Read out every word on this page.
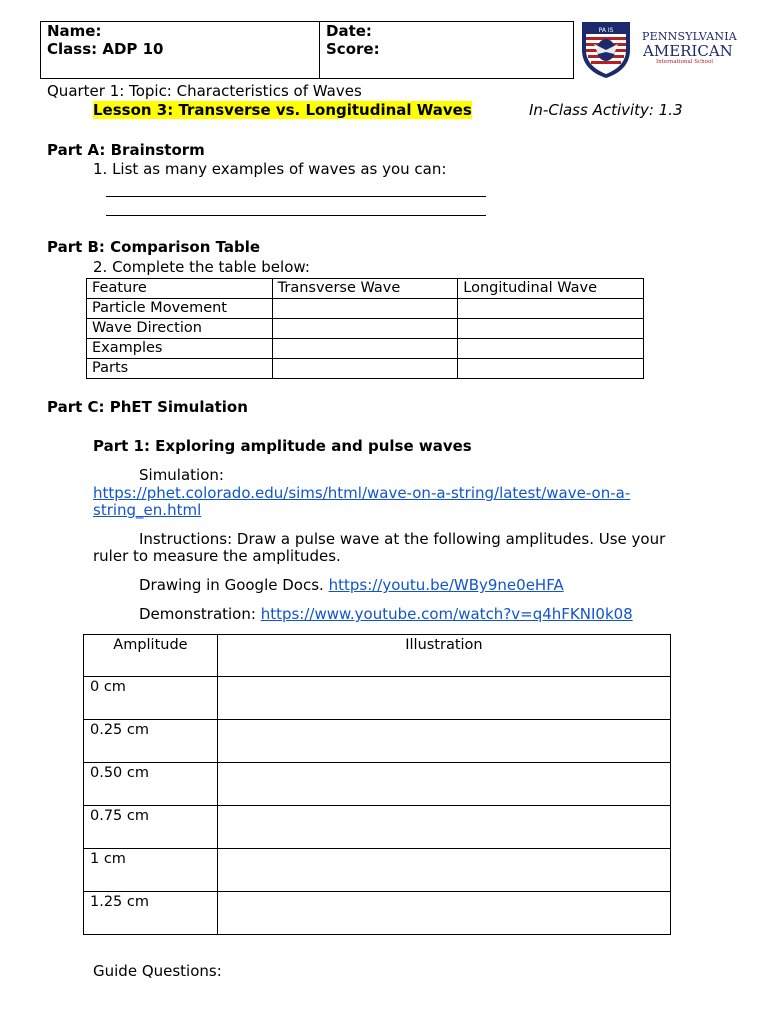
Name:
Class: ADP 10
Date:
Score:
PA IS	PENNSYLVANIA
AMERICAN
International School
Quarter 1: Topic: Characteristics of Waves
Lesson 3: Transverse vs. Longitudinal Waves	In-Class Activity: 1.3
Part A: Brainstorm
1. List as many examples of waves as you can:
Part B: Comparison Table
2. Complete the table below:
Feature	Transverse Wave	Longitudinal Wave
Particle Movement		
Wave Direction		
Examples		
Parts		
Part C: PhET Simulation
Part 1: Exploring amplitude and pulse waves
Simulation:
https://phet.colorado.edu/sims/html/wave-on-a-string/latest/wave-on-a-
string_en.html
Instructions: Draw a pulse wave at the following amplitudes. Use your
ruler to measure the amplitudes.
Drawing in Google Docs. https://youtu.be/WBy9ne0eHFA
Demonstration: https://www.youtube.com/watch?v=q4hFKNI0k08
Amplitude	Illustration
0 cm	
0.25 cm	
0.50 cm	
0.75 cm	
1 cm	
1.25 cm	
Guide Questions:
